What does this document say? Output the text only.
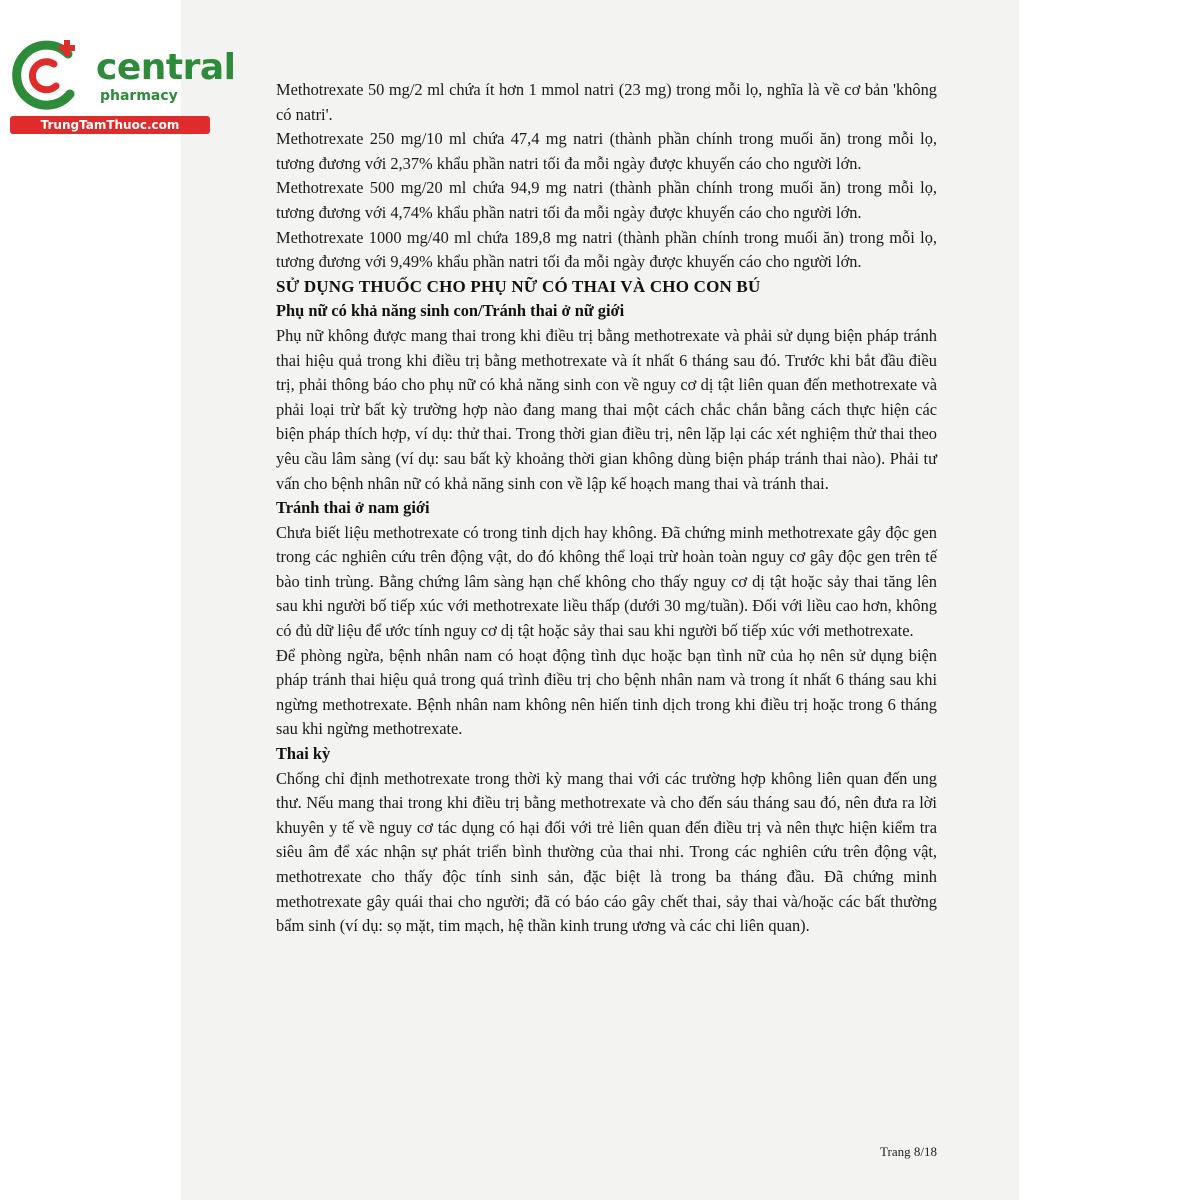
central
pharmacy
TrungTamThuoc.com

Methotrexate 50 mg/2 ml chứa ít hơn 1 mmol natri (23 mg) trong mỗi lọ, nghĩa là về cơ bản 'không có natri'.

Methotrexate 250 mg/10 ml chứa 47,4 mg natri (thành phần chính trong muối ăn) trong mỗi lọ, tương đương với 2,37% khẩu phần natri tối đa mỗi ngày được khuyến cáo cho người lớn.

Methotrexate 500 mg/20 ml chứa 94,9 mg natri (thành phần chính trong muối ăn) trong mỗi lọ, tương đương với 4,74% khẩu phần natri tối đa mỗi ngày được khuyến cáo cho người lớn.

Methotrexate 1000 mg/40 ml chứa 189,8 mg natri (thành phần chính trong muối ăn) trong mỗi lọ, tương đương với 9,49% khẩu phần natri tối đa mỗi ngày được khuyến cáo cho người lớn.

SỬ DỤNG THUỐC CHO PHỤ NỮ CÓ THAI VÀ CHO CON BÚ
Phụ nữ có khả năng sinh con/Tránh thai ở nữ giới

Phụ nữ không được mang thai trong khi điều trị bằng methotrexate và phải sử dụng biện pháp tránh thai hiệu quả trong khi điều trị bằng methotrexate và ít nhất 6 tháng sau đó. Trước khi bắt đầu điều trị, phải thông báo cho phụ nữ có khả năng sinh con về nguy cơ dị tật liên quan đến methotrexate và phải loại trừ bất kỳ trường hợp nào đang mang thai một cách chắc chắn bằng cách thực hiện các biện pháp thích hợp, ví dụ: thử thai. Trong thời gian điều trị, nên lặp lại các xét nghiệm thử thai theo yêu cầu lâm sàng (ví dụ: sau bất kỳ khoảng thời gian không dùng biện pháp tránh thai nào). Phải tư vấn cho bệnh nhân nữ có khả năng sinh con về lập kế hoạch mang thai và tránh thai.

Tránh thai ở nam giới

Chưa biết liệu methotrexate có trong tinh dịch hay không. Đã chứng minh methotrexate gây độc gen trong các nghiên cứu trên động vật, do đó không thể loại trừ hoàn toàn nguy cơ gây độc gen trên tế bào tinh trùng. Bằng chứng lâm sàng hạn chế không cho thấy nguy cơ dị tật hoặc sảy thai tăng lên sau khi người bố tiếp xúc với methotrexate liều thấp (dưới 30 mg/tuần). Đối với liều cao hơn, không có đủ dữ liệu để ước tính nguy cơ dị tật hoặc sảy thai sau khi người bố tiếp xúc với methotrexate.

Để phòng ngừa, bệnh nhân nam có hoạt động tình dục hoặc bạn tình nữ của họ nên sử dụng biện pháp tránh thai hiệu quả trong quá trình điều trị cho bệnh nhân nam và trong ít nhất 6 tháng sau khi ngừng methotrexate. Bệnh nhân nam không nên hiến tinh dịch trong khi điều trị hoặc trong 6 tháng sau khi ngừng methotrexate.

Thai kỳ

Chống chỉ định methotrexate trong thời kỳ mang thai với các trường hợp không liên quan đến ung thư. Nếu mang thai trong khi điều trị bằng methotrexate và cho đến sáu tháng sau đó, nên đưa ra lời khuyên y tế về nguy cơ tác dụng có hại đối với trẻ liên quan đến điều trị và nên thực hiện kiểm tra siêu âm để xác nhận sự phát triển bình thường của thai nhi. Trong các nghiên cứu trên động vật, methotrexate cho thấy độc tính sinh sản, đặc biệt là trong ba tháng đầu. Đã chứng minh methotrexate gây quái thai cho người; đã có báo cáo gây chết thai, sảy thai và/hoặc các bất thường bẩm sinh (ví dụ: sọ mặt, tim mạch, hệ thần kinh trung ương và các chi liên quan).

Trang 8/18
